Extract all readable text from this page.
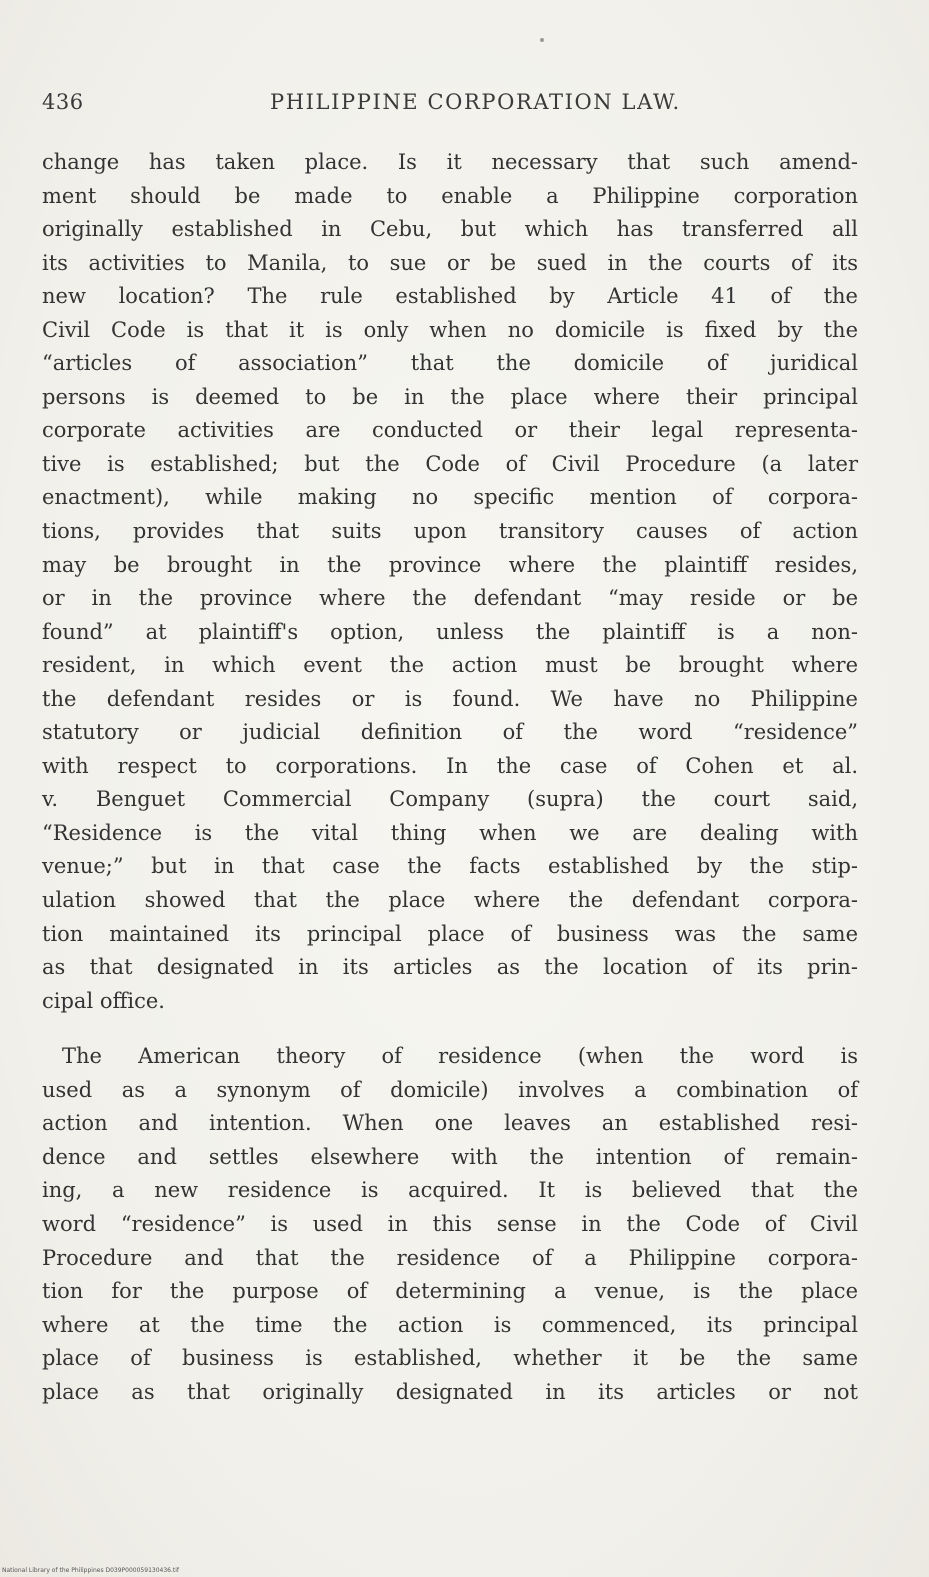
436	PHILIPPINE CORPORATION LAW.
change has taken place. Is it necessary that such amend-
ment should be made to enable a Philippine corporation
originally established in Cebu, but which has transferred all
its activities to Manila, to sue or be sued in the courts of its
new location? The rule established by Article 41 of the
Civil Code is that it is only when no domicile is fixed by the
“articles of association” that the domicile of juridical
persons is deemed to be in the place where their principal
corporate activities are conducted or their legal representa-
tive is established; but the Code of Civil Procedure (a later
enactment), while making no specific mention of corpora-
tions, provides that suits upon transitory causes of action
may be brought in the province where the plaintiff resides,
or in the province where the defendant “may reside or be
found” at plaintiff's option, unless the plaintiff is a non-
resident, in which event the action must be brought where
the defendant resides or is found. We have no Philippine
statutory or judicial definition of the word “residence”
with respect to corporations. In the case of Cohen et al.
v. Benguet Commercial Company (supra) the court said,
“Residence is the vital thing when we are dealing with
venue;” but in that case the facts established by the stip-
ulation showed that the place where the defendant corpora-
tion maintained its principal place of business was the same
as that designated in its articles as the location of its prin-
cipal office.
The American theory of residence (when the word is
used as a synonym of domicile) involves a combination of
action and intention. When one leaves an established resi-
dence and settles elsewhere with the intention of remain-
ing, a new residence is acquired. It is believed that the
word “residence” is used in this sense in the Code of Civil
Procedure and that the residence of a Philippine corpora-
tion for the purpose of determining a venue, is the place
where at the time the action is commenced, its principal
place of business is established, whether it be the same
place as that originally designated in its articles or not
National Library of the Philippines D039P000059130436.tif
